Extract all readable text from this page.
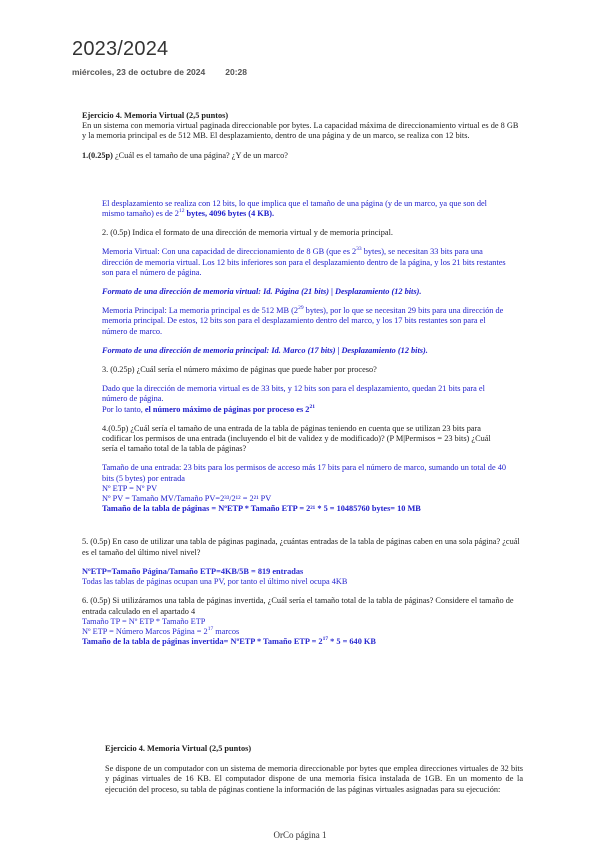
2023/2024
miércoles, 23 de octubre de 2024 20:28

Ejercicio 4. Memoria Virtual (2,5 puntos)

En un sistema con memoria virtual paginada direccionable por bytes. La capacidad máxima de direccionamiento virtual es de 8 GB y la memoria principal es de 512 MB. El desplazamiento, dentro de una página y de un marco, se realiza con 12 bits.

1.(0.25p) ¿Cuál es el tamaño de una página? ¿Y de un marco?

El desplazamiento se realiza con 12 bits, lo que implica que el tamaño de una página (y de un marco, ya que son del mismo tamaño) es de $2^{12}$ bytes, 4096 bytes (4 KB).

2. (0.5p) Indica el formato de una dirección de memoria virtual y de memoria principal.

Memoria Virtual: Con una capacidad de direccionamiento de 8 GB (que es $2^{33}$ bytes), se necesitan 33 bits para una dirección de memoria virtual. Los 12 bits inferiores son para el desplazamiento dentro de la página, y los 21 bits restantes son para el número de página.

Formato de una dirección de memoria virtual: Id. Página (21 bits) | Desplazamiento (12 bits).

Memoria Principal: La memoria principal es de 512 MB ($2^{29}$ bytes), por lo que se necesitan 29 bits para una dirección de memoria principal. De estos, 12 bits son para el desplazamiento dentro del marco, y los 17 bits restantes son para el número de marco.

Formato de una dirección de memoria principal: Id. Marco (17 bits) | Desplazamiento (12 bits).

3. (0.25p) ¿Cuál sería el número máximo de páginas que puede haber por proceso?

Dado que la dirección de memoria virtual es de 33 bits, y 12 bits son para el desplazamiento, quedan 21 bits para el número de página.

Por lo tanto, el número máximo de páginas por proceso es $2^{21}$

4.(0.5p) ¿Cuál sería el tamaño de una entrada de la tabla de páginas teniendo en cuenta que se utilizan 23 bits para codificar los permisos de una entrada (incluyendo el bit de validez y de modificado)? (P M|Permisos = 23 bits) ¿Cuál sería el tamaño total de la tabla de páginas?

Tamaño de una entrada: 23 bits para los permisos de acceso más 17 bits para el número de marco, sumando un total de 40 bits (5 bytes) por entrada

Nº ETP = Nº PV

Nº PV = Tamaño MV/Tamaño PV=2³³/2¹² = 2²¹ PV

Tamaño de la tabla de páginas = NºETP * Tamaño ETP = 2²¹ * 5 = 10485760 bytes= 10 MB

5. (0.5p) En caso de utilizar una tabla de páginas paginada, ¿cuántas entradas de la tabla de páginas caben en una sola página? ¿cuál es el tamaño del último nivel nivel?

NºETP=Tamaño Página/Tamaño ETP=4KB/5B = 819 entradas

Todas las tablas de páginas ocupan una PV, por tanto el último nivel ocupa 4KB

6. (0.5p) Si utilizáramos una tabla de páginas invertida, ¿Cuál sería el tamaño total de la tabla de páginas? Considere el tamaño de entrada calculado en el apartado 4

Tamaño TP = Nº ETP * Tamaño ETP

Nº ETP = Número Marcos Página = $2^{17}$ marcos

Tamaño de la tabla de páginas invertida= NºETP * Tamaño ETP = $2^{17} * 5 = 640$ KB

Ejercicio 4. Memoria Virtual (2,5 puntos)

Se dispone de un computador con un sistema de memoria direccionable por bytes que emplea direcciones virtuales de 32 bits y páginas virtuales de 16 KB. El computador dispone de una memoria física instalada de 1GB. En un momento de la ejecución del proceso, su tabla de páginas contiene la información de las páginas virtuales asignadas para su ejecución:

OrCo página 1
